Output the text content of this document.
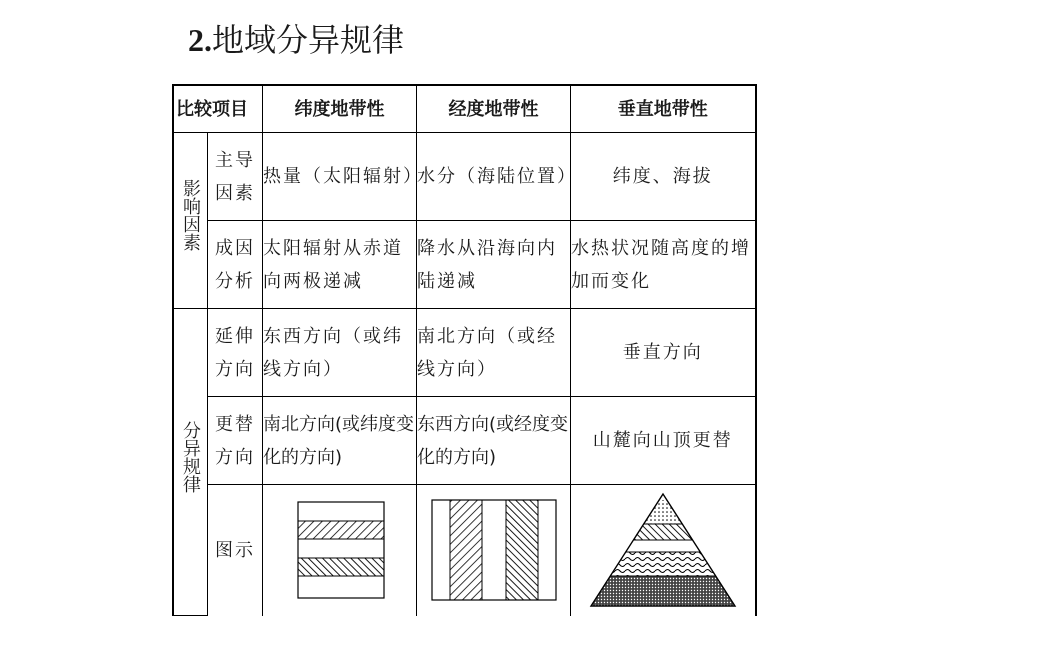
2.地域分异规律
比较项目		纬度地带性	经度地带性	垂直地带性
影响因素	主导因素	热量（太阳辐射）	水分（海陆位置）	纬度、海拔
	成因分析	太阳辐射从赤道向两极递减	降水从沿海向内陆递减	水热状况随高度的增加而变化
分异规律	延伸方向	东西方向（或纬线方向）	南北方向（或经线方向）	垂直方向
	更替方向	南北方向(或纬度变化的方向)	东西方向(或经度变化的方向)	山麓向山顶更替
	图示	
